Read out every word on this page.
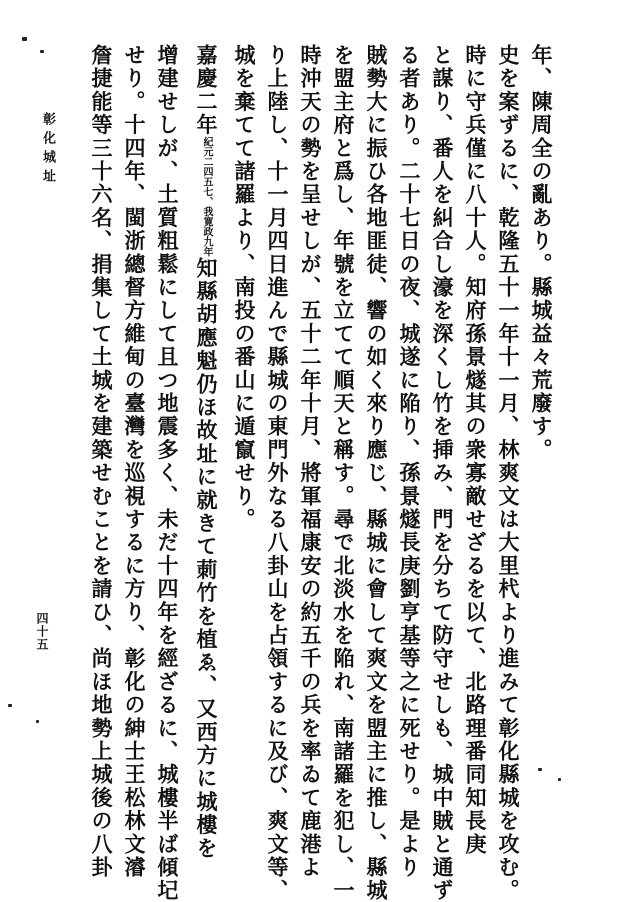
年、陳周全の亂あり。縣城益々荒廢す。
史を案ずるに、乾隆五十一年十一月、林爽文は大里杙より進みて彰化縣城を攻む。
時に守兵僅に八十人。知府孫景燧其の衆寡敵せざるを以て、北路理番同知長庚
と謀り、番人を糾合し濠を深くし竹を挿み、門を分ちて防守せしも、城中賊と通ず
る者あり。二十七日の夜、城遂に陥り、孫景燧長庚劉亨基等之に死せり。是より
賊勢大に振ひ各地匪徒、響の如く來り應じ、縣城に會して爽文を盟主に推し、縣城
を盟主府と爲し、年號を立てて順天と稱す。尋で北淡水を陥れ、南諸羅を犯し、一
時沖天の勢を呈せしが、五十二年十月、將軍福康安の約五千の兵を率ゐて鹿港よ
り上陸し、十一月四日進んで縣城の東門外なる八卦山を占領するに及び、爽文等、
城を棄てて諸羅より、南投の番山に遁竄せり。
嘉慶二年紀元二四五七、我寛政九年知縣胡應魁仍ほ故址に就きて莿竹を植ゑ、又西方に城樓を
增建せしが、土質粗鬆にして且つ地震多く、未だ十四年を經ざるに、城樓半ば傾圮
せり。十四年、閩浙總督方維甸の臺灣を巡視するに方り、彰化の紳士王松林文濬
詹捷能等三十六名、捐集して土城を建築せむことを請ひ、尚ほ地勢上城後の八卦
彰化城址
四十五
